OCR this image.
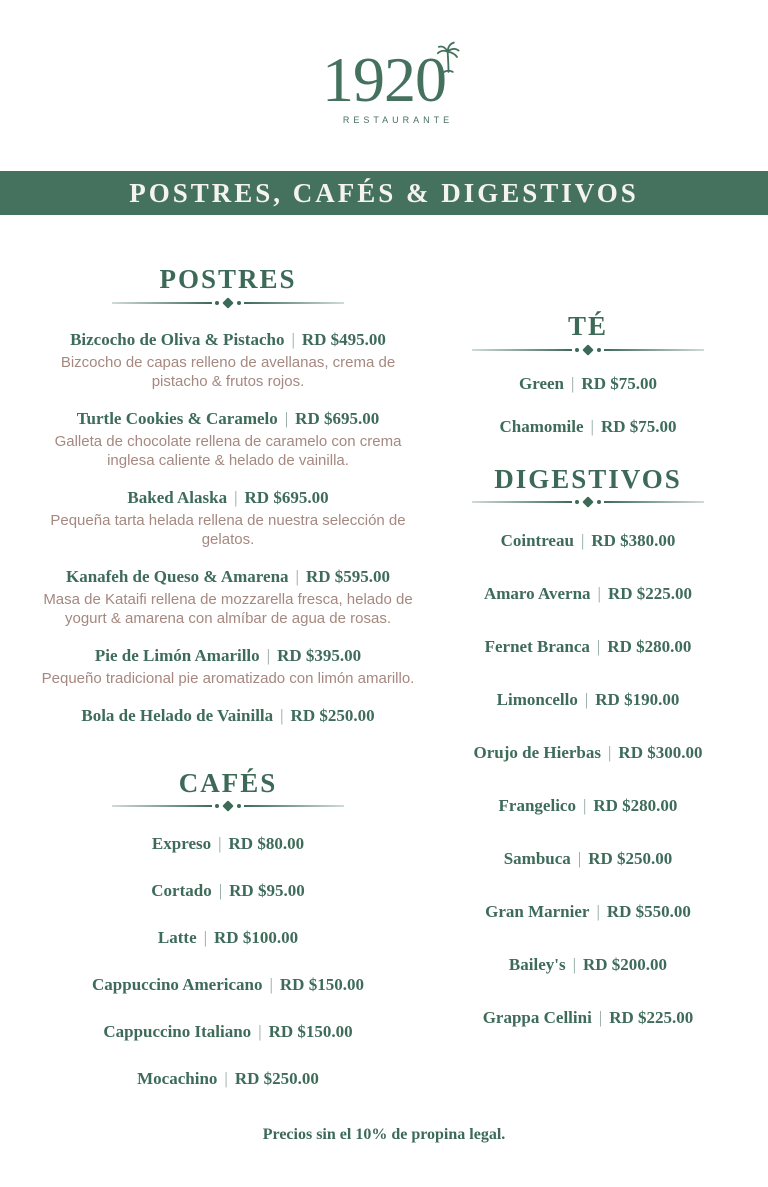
1920
RESTAURANTE
POSTRES, CAFÉS & DIGESTIVOS
POSTRES
Bizcocho de Oliva & Pistacho | RD $495.00
Bizcocho de capas relleno de avellanas, crema de pistacho & frutos rojos.
Turtle Cookies & Caramelo | RD $695.00
Galleta de chocolate rellena de caramelo con crema inglesa caliente & helado de vainilla.
Baked Alaska | RD $695.00
Pequeña tarta helada rellena de nuestra selección de gelatos.
Kanafeh de Queso & Amarena | RD $595.00
Masa de Kataifi rellena de mozzarella fresca, helado de yogurt & amarena con almíbar de agua de rosas.
Pie de Limón Amarillo | RD $395.00
Pequeño tradicional pie aromatizado con limón amarillo.
Bola de Helado de Vainilla | RD $250.00
CAFÉS
Expreso | RD $80.00
Cortado | RD $95.00
Latte | RD $100.00
Cappuccino Americano | RD $150.00
Cappuccino Italiano | RD $150.00
Mocachino | RD $250.00
TÉ
Green | RD $75.00
Chamomile | RD $75.00
DIGESTIVOS
Cointreau | RD $380.00
Amaro Averna | RD $225.00
Fernet Branca | RD $280.00
Limoncello | RD $190.00
Orujo de Hierbas | RD $300.00
Frangelico | RD $280.00
Sambuca | RD $250.00
Gran Marnier | RD $550.00
Bailey's | RD $200.00
Grappa Cellini | RD $225.00
Precios sin el 10% de propina legal.
